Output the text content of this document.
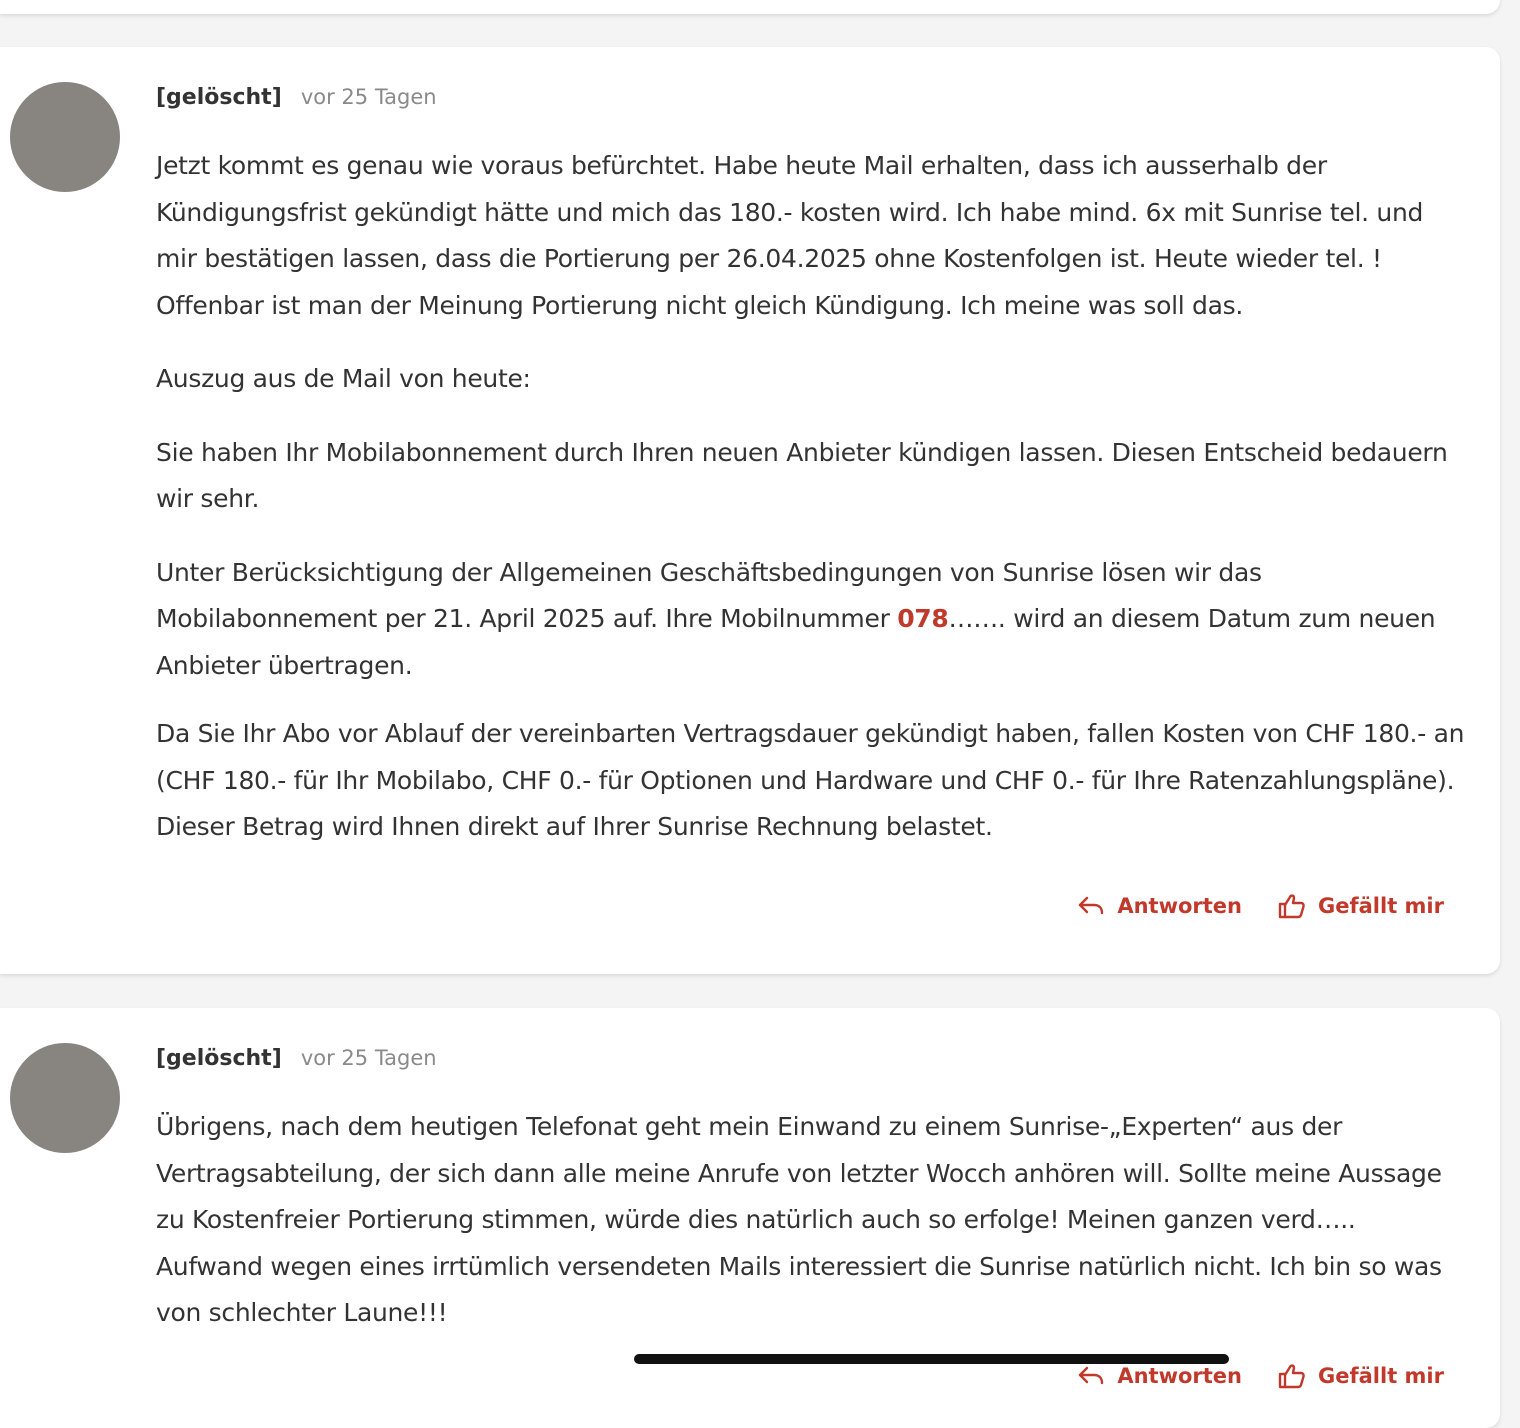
[gelöscht] vor 25 Tagen

Jetzt kommt es genau wie voraus befürchtet. Habe heute Mail erhalten, dass ich ausserhalb der Kündigungsfrist gekündigt hätte und mich das 180.- kosten wird. Ich habe mind. 6x mit Sunrise tel. und mir bestätigen lassen, dass die Portierung per 26.04.2025 ohne Kostenfolgen ist. Heute wieder tel. ! Offenbar ist man der Meinung Portierung nicht gleich Kündigung. Ich meine was soll das.

Auszug aus de Mail von heute:

Sie haben Ihr Mobilabonnement durch Ihren neuen Anbieter kündigen lassen. Diesen Entscheid bedauern wir sehr.

Unter Berücksichtigung der Allgemeinen Geschäftsbedingungen von Sunrise lösen wir das Mobilabonnement per 21. April 2025 auf. Ihre Mobilnummer 078……. wird an diesem Datum zum neuen Anbieter übertragen.

Da Sie Ihr Abo vor Ablauf der vereinbarten Vertragsdauer gekündigt haben, fallen Kosten von CHF 180.- an (CHF 180.- für Ihr Mobilabo, CHF 0.- für Optionen und Hardware und CHF 0.- für Ihre Ratenzahlungspläne). Dieser Betrag wird Ihnen direkt auf Ihrer Sunrise Rechnung belastet.

Antworten	Gefällt mir
[gelöscht] vor 25 Tagen

Übrigens, nach dem heutigen Telefonat geht mein Einwand zu einem Sunrise-„Experten“ aus der Vertragsabteilung, der sich dann alle meine Anrufe von letzter Wocch anhören will. Sollte meine Aussage zu Kostenfreier Portierung stimmen, würde dies natürlich auch so erfolge! Meinen ganzen verd….. Aufwand wegen eines irrtümlich versendeten Mails interessiert die Sunrise natürlich nicht. Ich bin so was von schlechter Laune!!!

Antworten	Gefällt mir
